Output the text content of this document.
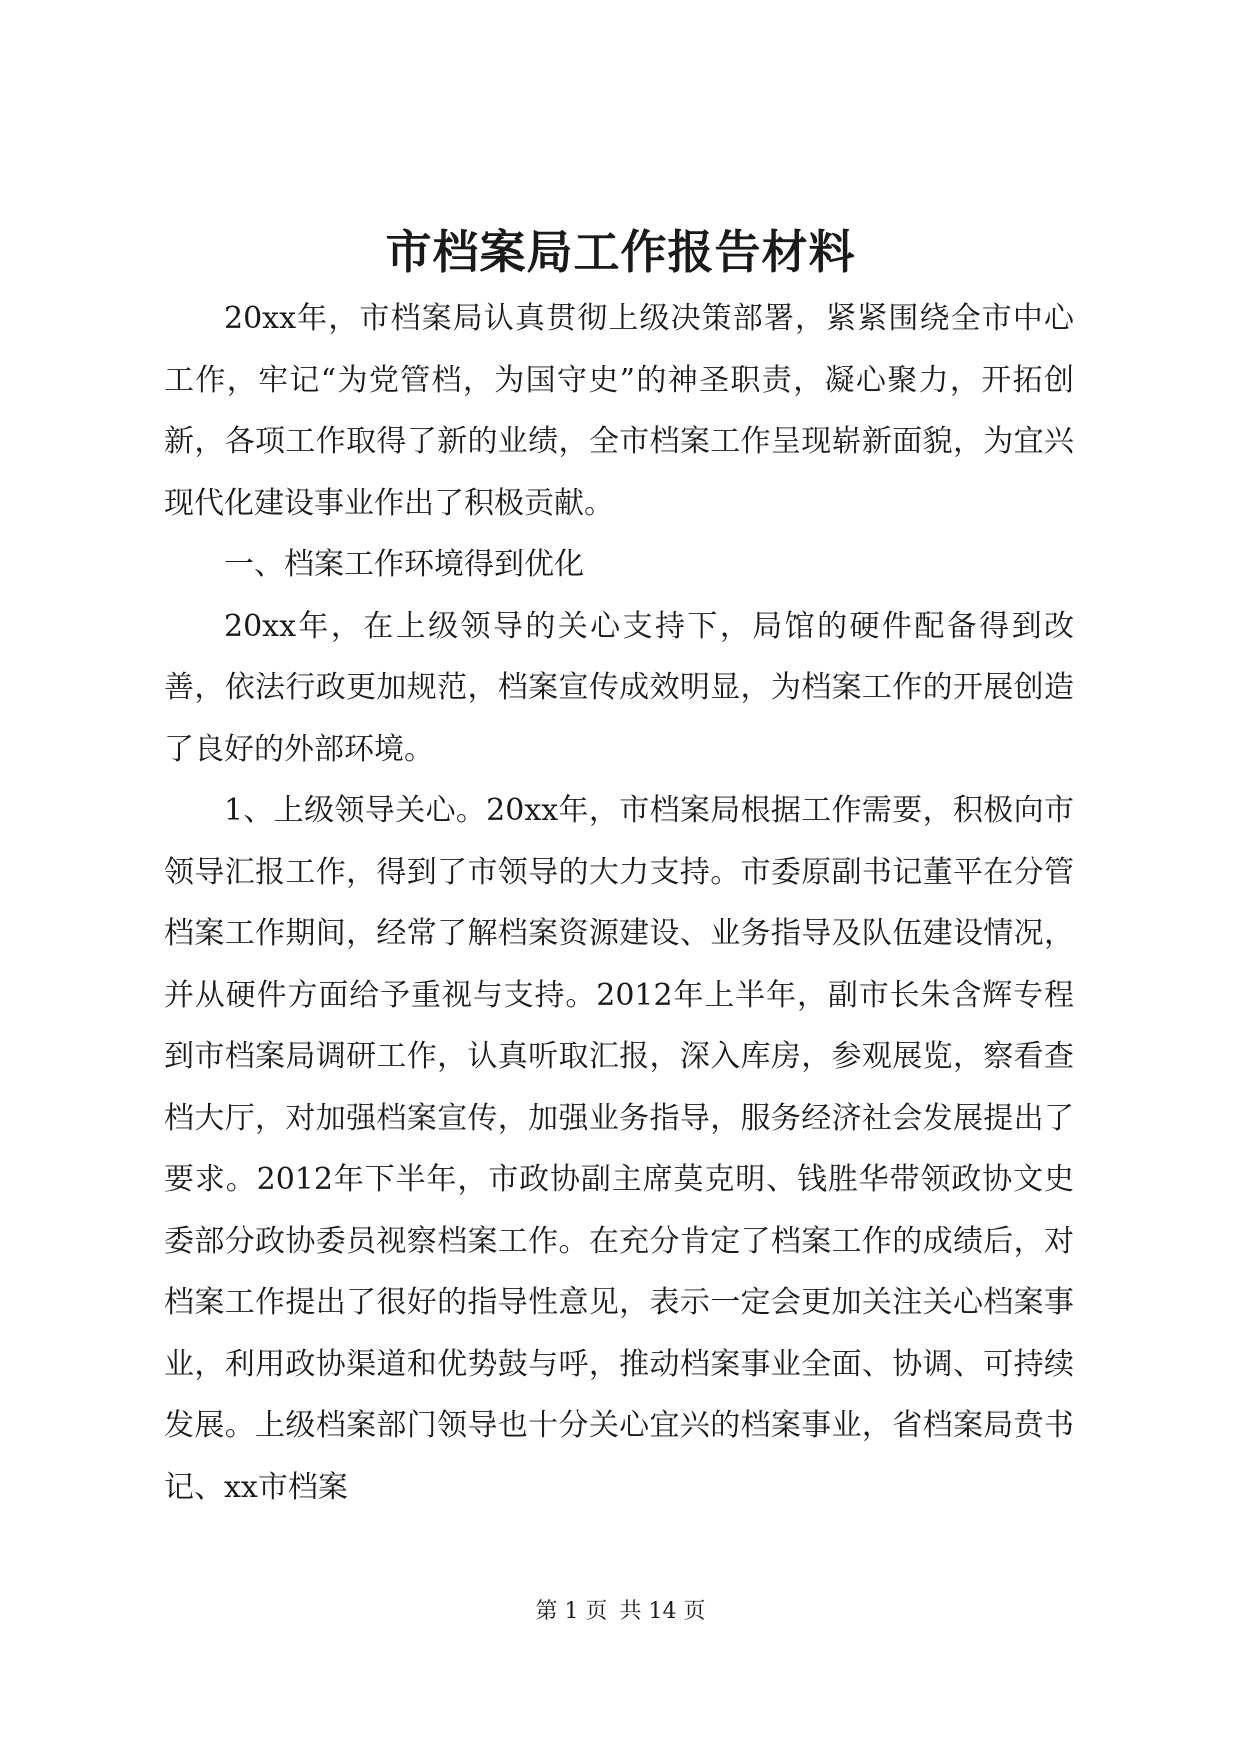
市档案局工作报告材料

20xx年，市档案局认真贯彻上级决策部署，紧紧围绕全市中心工作，牢记“为党管档，为国守史”的神圣职责，凝心聚力，开拓创新，各项工作取得了新的业绩，全市档案工作呈现崭新面貌，为宜兴现代化建设事业作出了积极贡献。

一、档案工作环境得到优化

20xx年，在上级领导的关心支持下，局馆的硬件配备得到改善，依法行政更加规范，档案宣传成效明显，为档案工作的开展创造了良好的外部环境。

1、上级领导关心。20xx年，市档案局根据工作需要，积极向市领导汇报工作，得到了市领导的大力支持。市委原副书记董平在分管档案工作期间，经常了解档案资源建设、业务指导及队伍建设情况，并从硬件方面给予重视与支持。2012年上半年，副市长朱含辉专程到市档案局调研工作，认真听取汇报，深入库房，参观展览，察看查档大厅，对加强档案宣传，加强业务指导，服务经济社会发展提出了要求。2012年下半年，市政协副主席莫克明、钱胜华带领政协文史委部分政协委员视察档案工作。在充分肯定了档案工作的成绩后，对档案工作提出了很好的指导性意见，表示一定会更加关注关心档案事业，利用政协渠道和优势鼓与呼，推动档案事业全面、协调、可持续发展。上级档案部门领导也十分关心宜兴的档案事业，省档案局贲书记、xx市档案

第 1 页 共 14 页
